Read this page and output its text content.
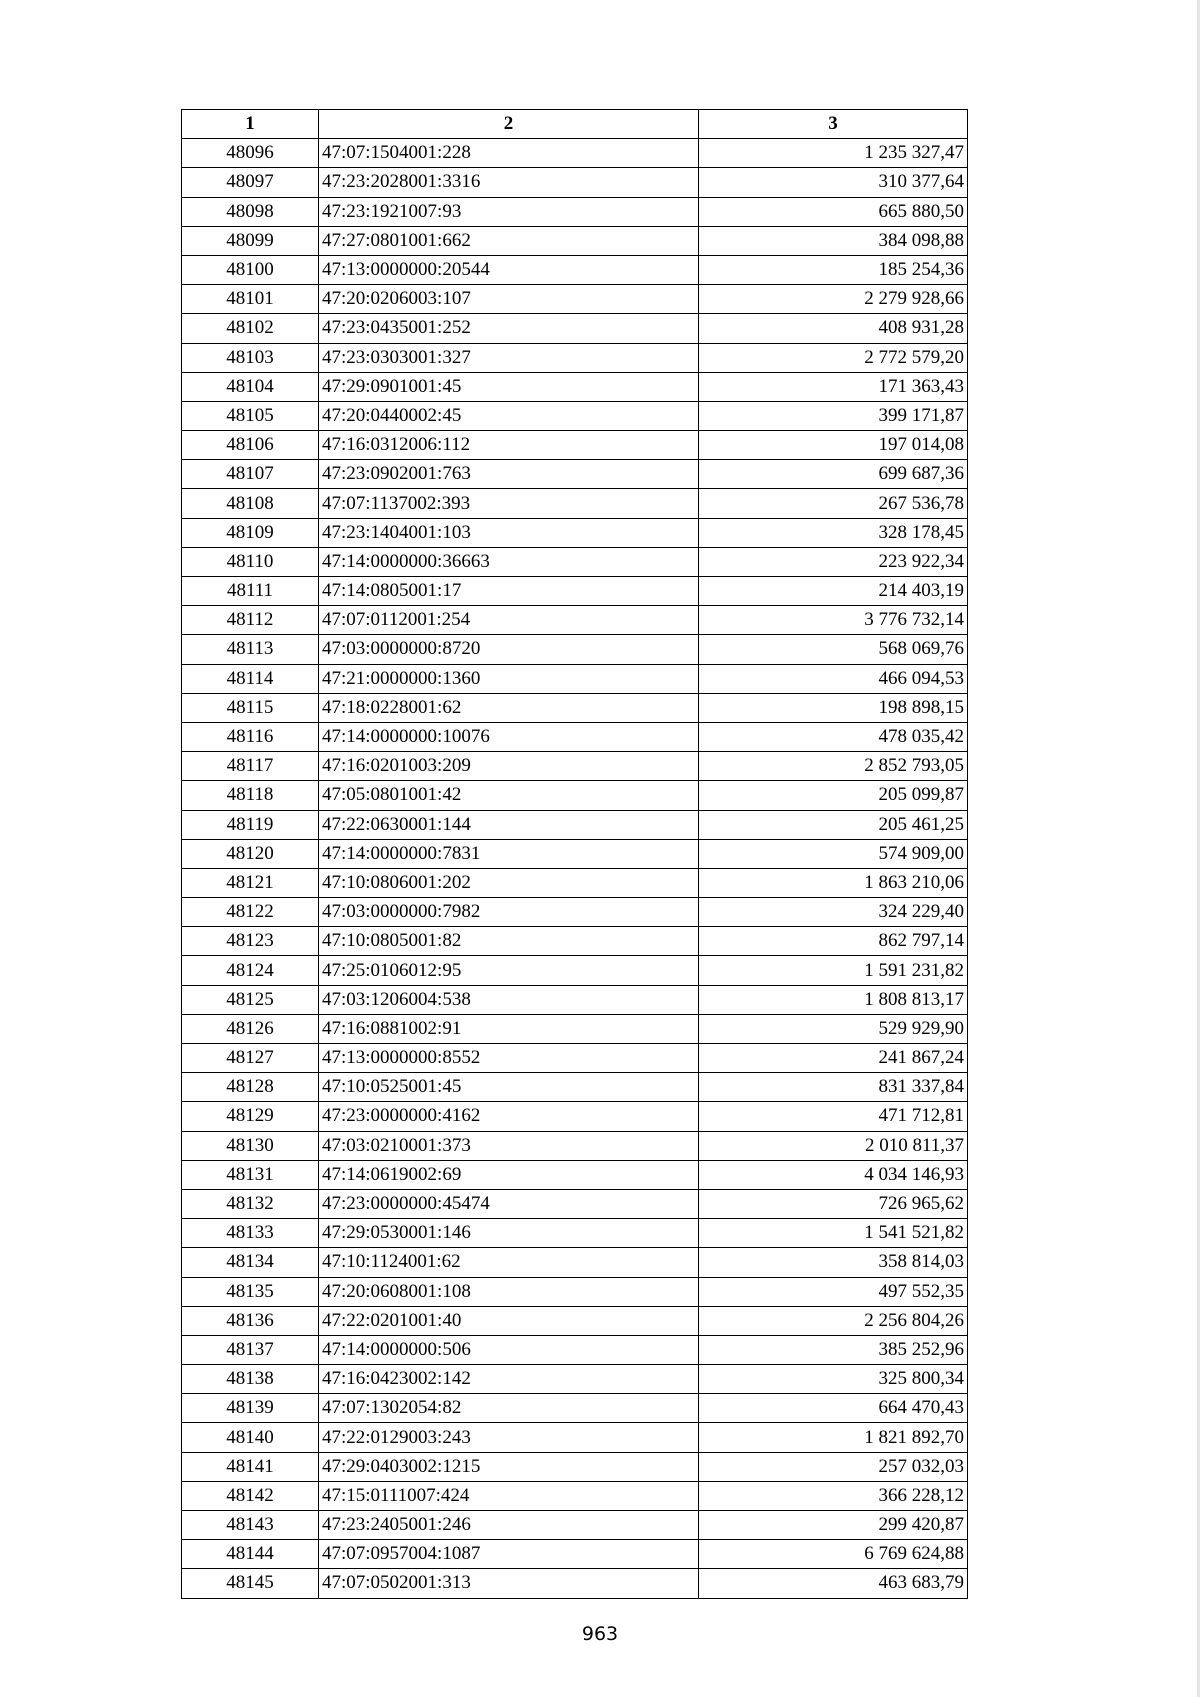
1	2	3
48096	47:07:1504001:228	1 235 327,47
48097	47:23:2028001:3316	310 377,64
48098	47:23:1921007:93	665 880,50
48099	47:27:0801001:662	384 098,88
48100	47:13:0000000:20544	185 254,36
48101	47:20:0206003:107	2 279 928,66
48102	47:23:0435001:252	408 931,28
48103	47:23:0303001:327	2 772 579,20
48104	47:29:0901001:45	171 363,43
48105	47:20:0440002:45	399 171,87
48106	47:16:0312006:112	197 014,08
48107	47:23:0902001:763	699 687,36
48108	47:07:1137002:393	267 536,78
48109	47:23:1404001:103	328 178,45
48110	47:14:0000000:36663	223 922,34
48111	47:14:0805001:17	214 403,19
48112	47:07:0112001:254	3 776 732,14
48113	47:03:0000000:8720	568 069,76
48114	47:21:0000000:1360	466 094,53
48115	47:18:0228001:62	198 898,15
48116	47:14:0000000:10076	478 035,42
48117	47:16:0201003:209	2 852 793,05
48118	47:05:0801001:42	205 099,87
48119	47:22:0630001:144	205 461,25
48120	47:14:0000000:7831	574 909,00
48121	47:10:0806001:202	1 863 210,06
48122	47:03:0000000:7982	324 229,40
48123	47:10:0805001:82	862 797,14
48124	47:25:0106012:95	1 591 231,82
48125	47:03:1206004:538	1 808 813,17
48126	47:16:0881002:91	529 929,90
48127	47:13:0000000:8552	241 867,24
48128	47:10:0525001:45	831 337,84
48129	47:23:0000000:4162	471 712,81
48130	47:03:0210001:373	2 010 811,37
48131	47:14:0619002:69	4 034 146,93
48132	47:23:0000000:45474	726 965,62
48133	47:29:0530001:146	1 541 521,82
48134	47:10:1124001:62	358 814,03
48135	47:20:0608001:108	497 552,35
48136	47:22:0201001:40	2 256 804,26
48137	47:14:0000000:506	385 252,96
48138	47:16:0423002:142	325 800,34
48139	47:07:1302054:82	664 470,43
48140	47:22:0129003:243	1 821 892,70
48141	47:29:0403002:1215	257 032,03
48142	47:15:0111007:424	366 228,12
48143	47:23:2405001:246	299 420,87
48144	47:07:0957004:1087	6 769 624,88
48145	47:07:0502001:313	463 683,79
963
